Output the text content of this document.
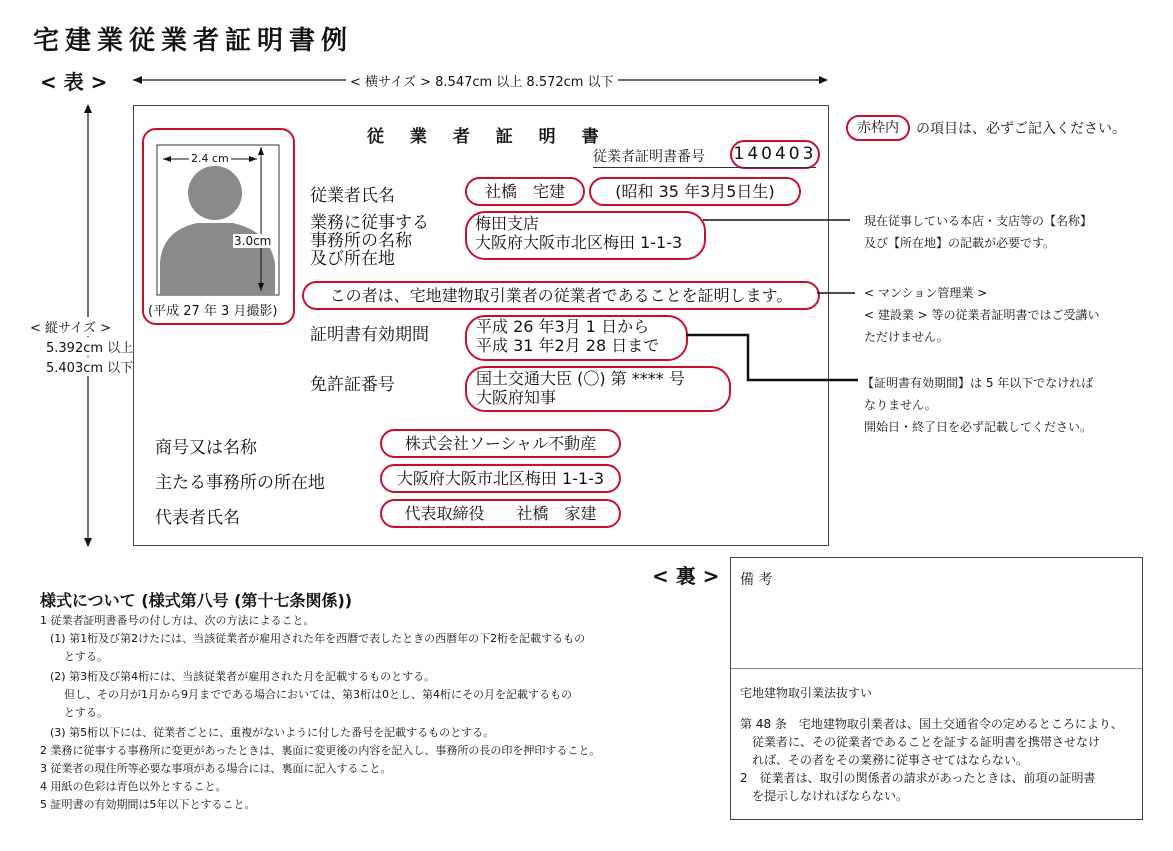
宅建業従業者証明書例
< 表 >	< 横サイズ > 8.547cm 以上 8.572cm 以下
< 縦サイズ >
5.392cm 以上
5.403cm 以下
従 業 者 証 明 書
従業者証明書番号 140403
2.4 cm
3.0cm
(平成 27 年 3 月撮影)
従業者氏名	社橋　宅建	(昭和 35 年3月5日生)
業務に従事する
事務所の名称
及び所在地
梅田支店
大阪府大阪市北区梅田 1-1-3
この者は、宅地建物取引業者の従業者であることを証明します。
証明書有効期間	平成 26 年3月 1 日から
平成 31 年2月 28 日まで
免許証番号	国土交通大臣 (〇) 第 **** 号
大阪府知事
商号又は名称	株式会社ソーシャル不動産
主たる事務所の所在地	大阪府大阪市北区梅田 1-1-3
代表者氏名	代表取締役　　社橋　家建
赤枠内	の項目は、必ずご記入ください。
現在従事している本店・支店等の【名称】
及び【所在地】の記載が必要です。
< マンション管理業 >
< 建設業 > 等の従業者証明書ではご受講い
ただけません。
【証明書有効期間】は 5 年以下でなければ
なりません。
開始日・終了日を必ず記載してください。
< 裏 >
様式について (様式第八号 (第十七条関係))
1 従業者証明書番号の付し方は、次の方法によること。
(1) 第1桁及び第2けたには、当該従業者が雇用された年を西暦で表したときの西暦年の下2桁を記載するもの
とする。
(2) 第3桁及び第4桁には、当該従業者が雇用された月を記載するものとする。
但し、その月が1月から9月までである場合においては、第3桁は0とし、第4桁にその月を記載するもの
とする。
(3) 第5桁以下には、従業者ごとに、重複がないように付した番号を記載するものとする。
2 業務に従事する事務所に変更があったときは、裏面に変更後の内容を記入し、事務所の長の印を押印すること。
3 従業者の現住所等必要な事項がある場合には、裏面に記入すること。
4 用紙の色彩は青色以外とすること。
5 証明書の有効期間は5年以下とすること。
備 考
宅地建物取引業法抜すい
第 48 条　宅地建物取引業者は、国土交通省令の定めるところにより、
従業者に、その従業者であることを証する証明書を携帯させなけ
れば、その者をその業務に従事させてはならない。
2　従業者は、取引の関係者の請求があったときは、前項の証明書
を提示しなければならない。
